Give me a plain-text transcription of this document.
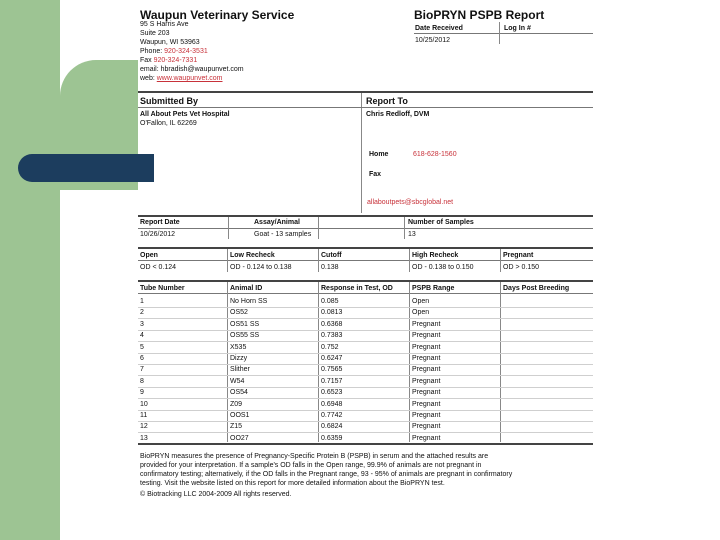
Waupun Veterinary Service
95 S Harris Ave
Suite 203
Waupun, WI 53963
Phone: 920-324-3531
Fax 920-324-7331
email: hbradish@waupunvet.com
web: www.waupunvet.com
BioPRYN PSPB Report
Date Received	Log In #
10/25/2012
Submitted By	Report To
All About Pets Vet Hospital
O'Fallon, IL 62269
Chris Redloff, DVM
Home	618-628-1560
Fax
allaboutpets@sbcglobal.net
Report Date	Assay/Animal	Number of Samples
10/26/2012	Goat - 13 samples	13
Open	Low Recheck	Cutoff	High Recheck	Pregnant
OD < 0.124	OD - 0.124 to 0.138	0.138	OD - 0.138 to 0.150	OD > 0.150
Tube Number	Animal ID	Response in Test, OD	PSPB Range	Days Post Breeding
BioPRYN measures the presence of Pregnancy-Specific Protein B (PSPB) in serum and the attached results are
provided for your interpretation. If a sample's OD falls in the Open range, 99.9% of animals are not pregnant in
confirmatory testing; alternatively, if the OD falls in the Pregnant range, 93 - 95% of animals are pregnant in confirmatory
testing. Visit the website listed on this report for more detailed information about the BioPRYN test.
© Biotracking LLC 2004-2009 All rights reserved.
1	No Horn SS	0.085	Open
2	OS52	0.0813	Open
3	OS51 SS	0.6368	Pregnant
4	OS55 SS	0.7383	Pregnant
5	X535	0.752	Pregnant
6	Dizzy	0.6247	Pregnant
7	Slither	0.7565	Pregnant
8	W54	0.7157	Pregnant
9	OS54	0.6523	Pregnant
10	Z09	0.6948	Pregnant
11	OOS1	0.7742	Pregnant
12	Z15	0.6824	Pregnant
13	OO27	0.6359	Pregnant
